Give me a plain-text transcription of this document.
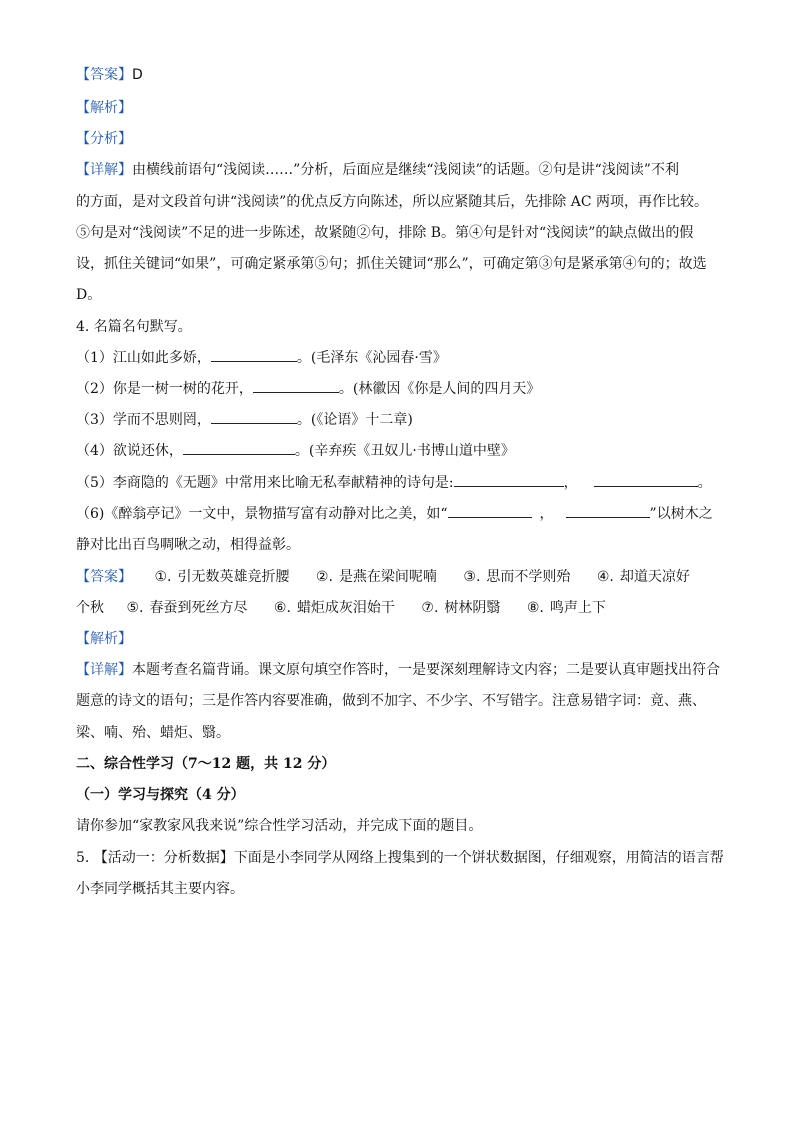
【答案】D
【解析】
【分析】
【详解】由横线前语句“浅阅读……”分析，后面应是继续“浅阅读”的话题。②句是讲“浅阅读”不利
的方面，是对文段首句讲“浅阅读”的优点反方向陈述，所以应紧随其后，先排除 AC 两项，再作比较。
⑤句是对“浅阅读”不足的进一步陈述，故紧随②句，排除 B。第④句是针对“浅阅读”的缺点做出的假
设，抓住关键词“如果”，可确定紧承第⑤句；抓住关键词“那么”，可确定第③句是紧承第④句的；故选
D。
4. 名篇名句默写。
（1）江山如此多娇，	。(毛泽东《沁园春·雪》
（2）你是一树一树的花开，	。(林徽因《你是人间的四月天》
（3）学而不思则罔，	。(《论语》十二章)
（4）欲说还休，	。(辛弃疾《丑奴儿·书博山道中壁》
（5）李商隐的《无题》中常用来比喻无私奉献精神的诗句是:	，	。
（6)《醉翁亭记》一文中，景物描写富有动静对比之美，如“	，	”以树木之
静对比出百鸟啁啾之动，相得益彰。
【答案】 ①. 引无数英雄竞折腰 ②. 是燕在梁间呢喃 ③. 思而不学则殆 ④. 却道天凉好
个秋 ⑤. 春蚕到死丝方尽 ⑥. 蜡炬成灰泪始干 ⑦. 树林阴翳 ⑧. 鸣声上下
【解析】
【详解】本题考查名篇背诵。课文原句填空作答时，一是要深刻理解诗文内容；二是要认真审题找出符合
题意的诗文的语句；三是作答内容要准确，做到不加字、不少字、不写错字。注意易错字词：竟、燕、
梁、喃、殆、蜡炬、翳。
二、综合性学习（7～12 题，共 12 分）
（一）学习与探究（4 分）
请你参加“家教家风我来说”综合性学习活动，并完成下面的题目。
5. 【活动一：分析数据】下面是小李同学从网络上搜集到的一个饼状数据图，仔细观察，用简洁的语言帮
小李同学概括其主要内容。
